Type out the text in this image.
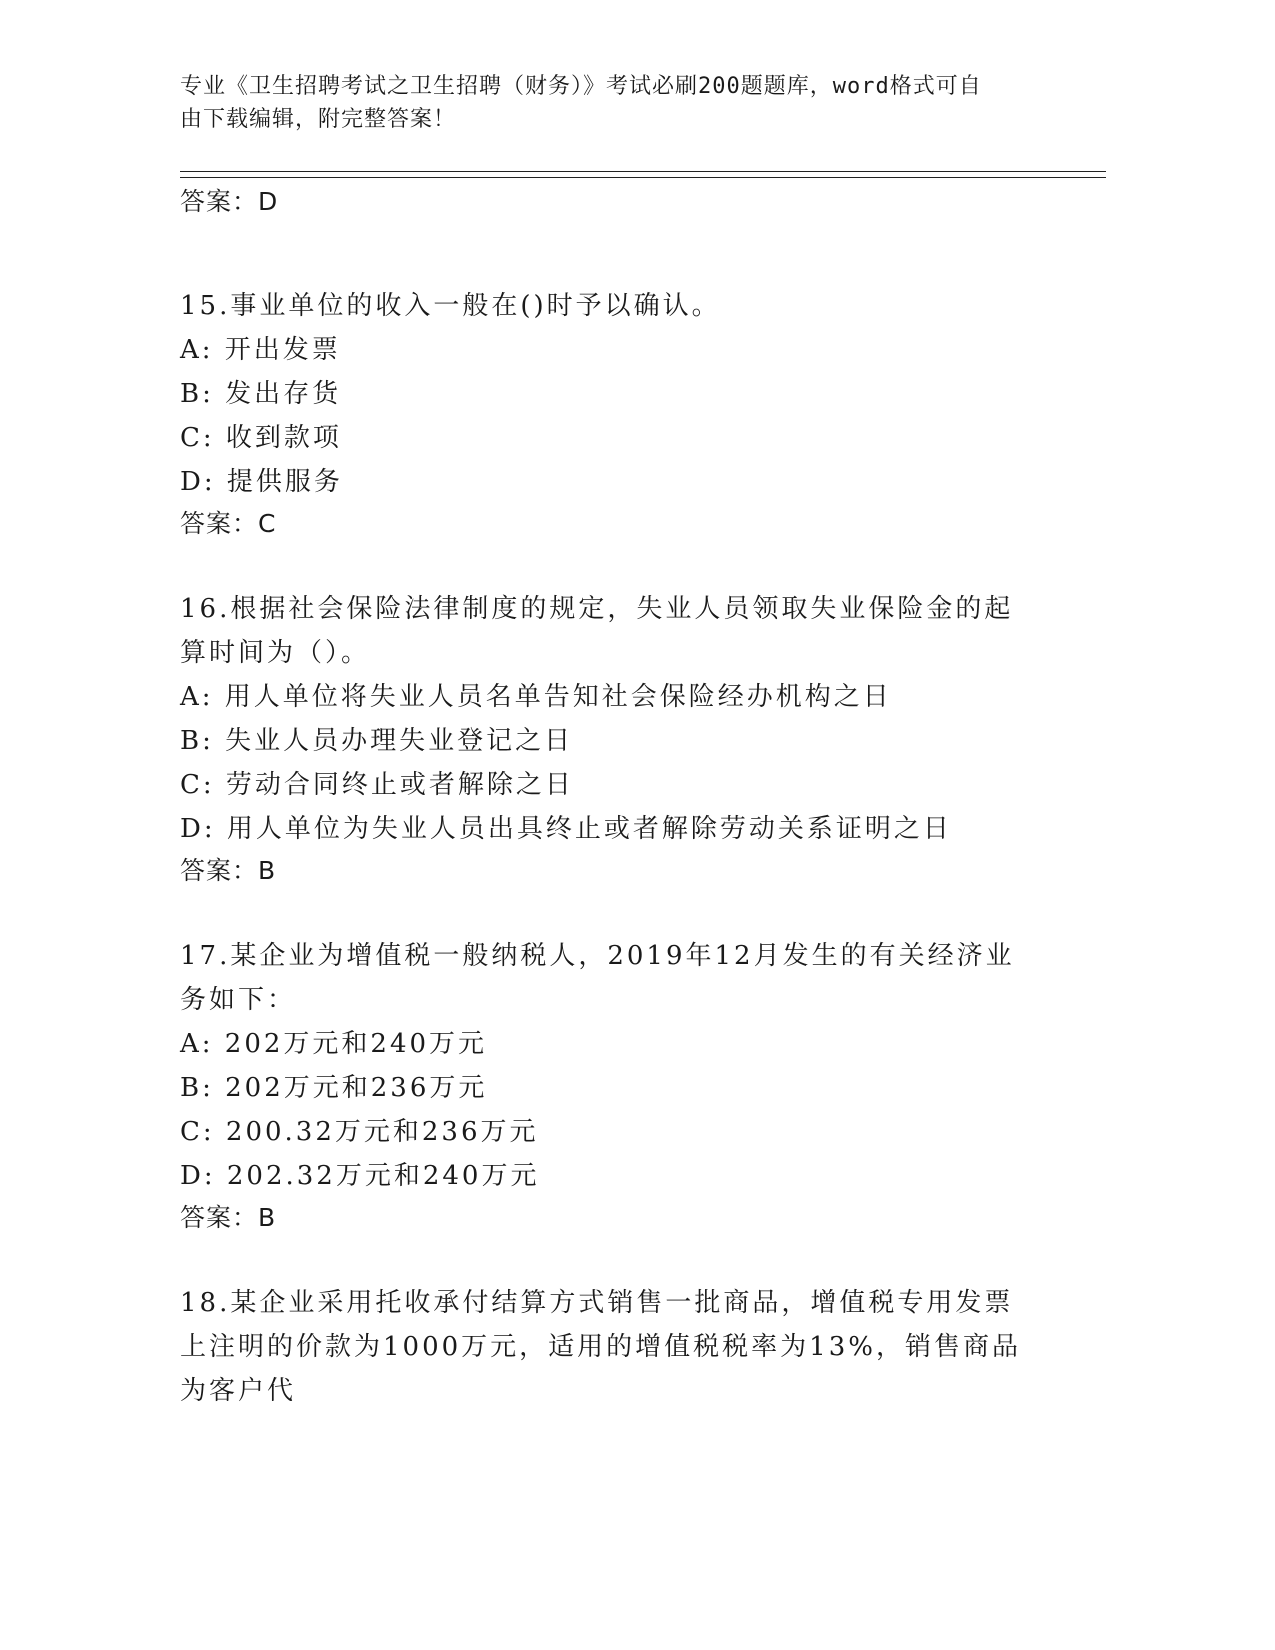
专业《卫生招聘考试之卫生招聘（财务）》考试必刷200题题库，word格式可自
由下载编辑，附完整答案！
答案：D
15.事业单位的收入一般在()时予以确认。
A: 开出发票
B: 发出存货
C: 收到款项
D: 提供服务
答案：C
16.根据社会保险法律制度的规定，失业人员领取失业保险金的起算时间为（）。
A: 用人单位将失业人员名单告知社会保险经办机构之日
B: 失业人员办理失业登记之日
C: 劳动合同终止或者解除之日
D: 用人单位为失业人员出具终止或者解除劳动关系证明之日
答案：B
17.某企业为增值税一般纳税人，2019年12月发生的有关经济业务如下：
A: 202万元和240万元
B: 202万元和236万元
C: 200.32万元和236万元
D: 202.32万元和240万元
答案：B
18.某企业采用托收承付结算方式销售一批商品，增值税专用发票上注明的价款为1000万元，适用的增值税税率为13%，销售商品为客户代
